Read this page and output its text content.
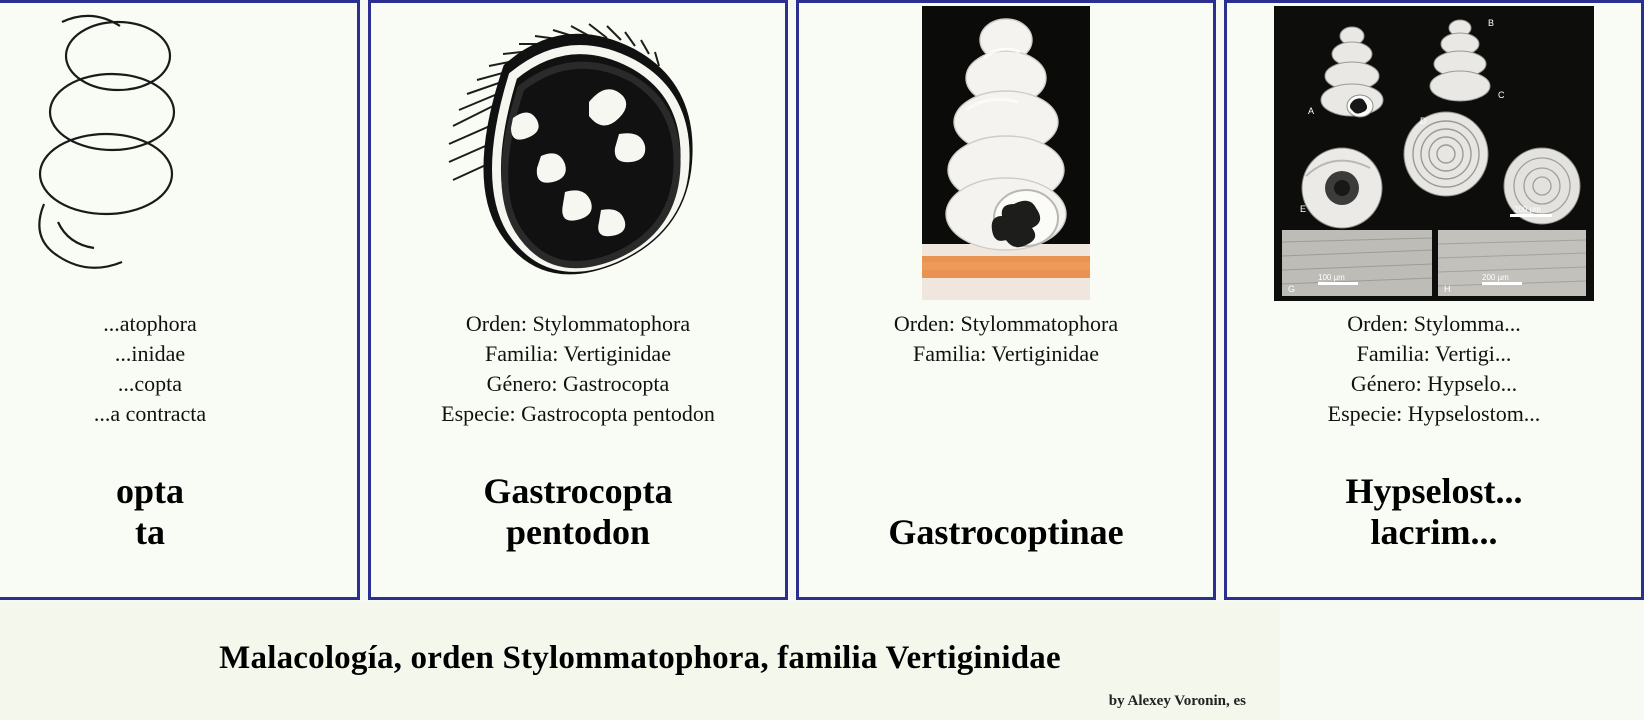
...atophora
...inidae
...copta
...a contracta
opta
ta
Orden: Stylommatophora
Familia: Vertiginidae
Género: Gastrocopta
Especie: Gastrocopta pentodon
Gastrocopta
pentodon
Orden: Stylommatophora
Familia: Vertiginidae
Gastrocoptinae
A
B
C
D
E	200 µm
G
100 µm
H
200 µm
Orden: Stylomma...
Familia: Vertigi...
Género: Hypselo...
Especie: Hypselostom...
Hypselost...
lacrim...
Malacología, orden Stylommatophora, familia Vertiginidae
by Alexey Voronin, es
